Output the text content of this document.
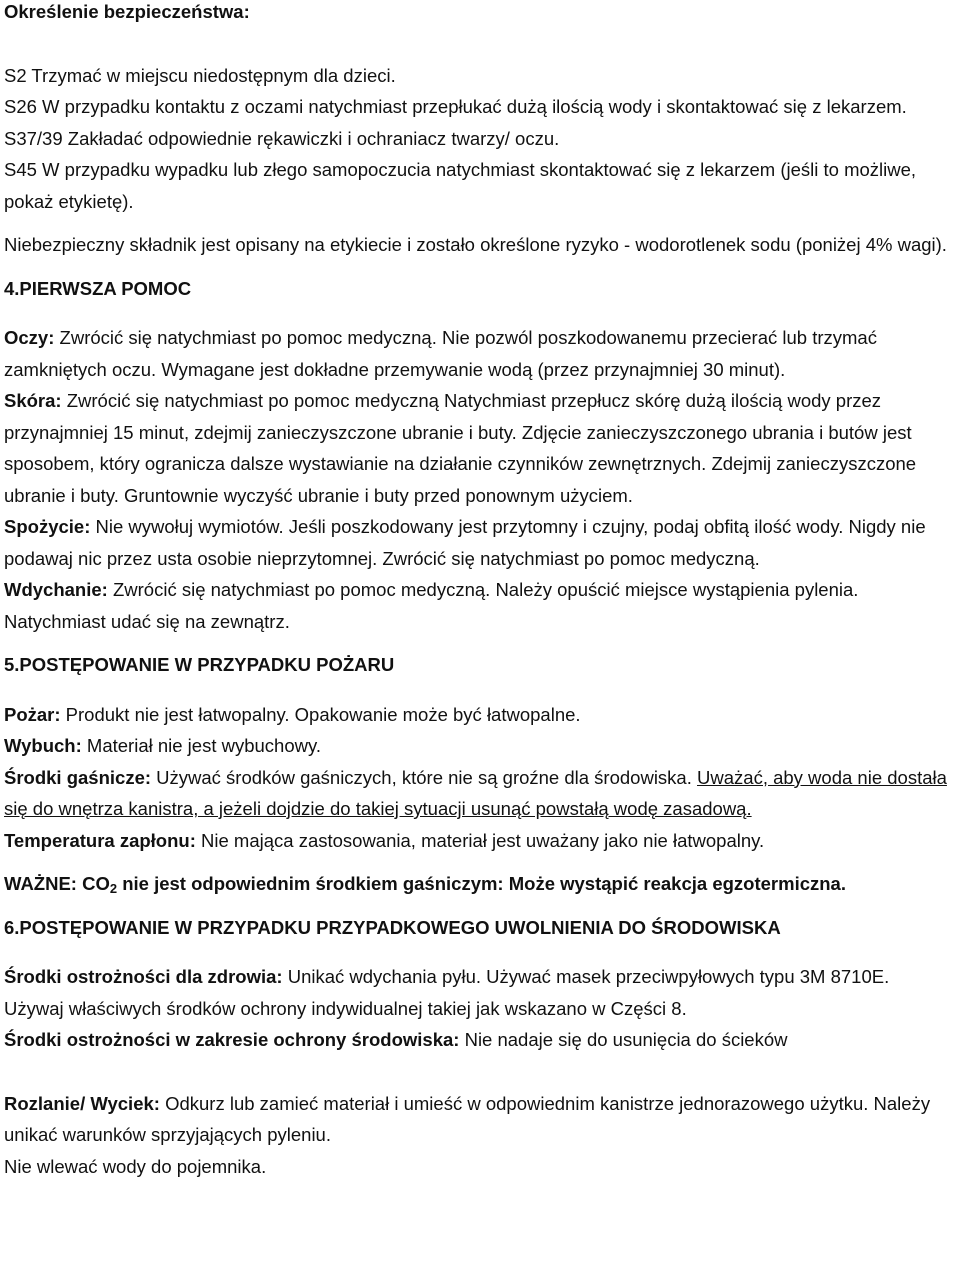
Określenie bezpieczeństwa:

S2 Trzymać w miejscu niedostępnym dla dzieci.

S26 W przypadku kontaktu z oczami natychmiast przepłukać dużą ilością wody i skontaktować się z lekarzem.

S37/39 Zakładać odpowiednie rękawiczki i ochraniacz twarzy/ oczu.

S45 W przypadku wypadku lub złego samopoczucia natychmiast skontaktować się z lekarzem (jeśli to możliwe, pokaż etykietę).

Niebezpieczny składnik jest opisany na etykiecie i zostało określone ryzyko - wodorotlenek sodu (poniżej 4% wagi).

4.PIERWSZA POMOC

Oczy: Zwrócić się natychmiast po pomoc medyczną. Nie pozwól poszkodowanemu przecierać lub trzymać zamkniętych oczu. Wymagane jest dokładne przemywanie wodą (przez przynajmniej 30 minut).

Skóra: Zwrócić się natychmiast po pomoc medyczną Natychmiast przepłucz skórę dużą ilością wody przez przynajmniej 15 minut, zdejmij zanieczyszczone ubranie i buty. Zdjęcie zanieczyszczonego ubrania i butów jest sposobem, który ogranicza dalsze wystawianie na działanie czynników zewnętrznych. Zdejmij zanieczyszczone ubranie i buty. Gruntownie wyczyść ubranie i buty przed ponownym użyciem.

Spożycie: Nie wywołuj wymiotów. Jeśli poszkodowany jest przytomny i czujny, podaj obfitą ilość wody. Nigdy nie podawaj nic przez usta osobie nieprzytomnej. Zwrócić się natychmiast po pomoc medyczną.

Wdychanie: Zwrócić się natychmiast po pomoc medyczną. Należy opuścić miejsce wystąpienia pylenia. Natychmiast udać się na zewnątrz.

5.POSTĘPOWANIE W PRZYPADKU POŻARU

Pożar: Produkt nie jest łatwopalny. Opakowanie może być łatwopalne.

Wybuch: Materiał nie jest wybuchowy.

Środki gaśnicze: Używać środków gaśniczych, które nie są groźne dla środowiska. Uważać, aby woda nie dostała się do wnętrza kanistra, a jeżeli dojdzie do takiej sytuacji usunąć powstałą wodę zasadową.

Temperatura zapłonu: Nie mająca zastosowania, materiał jest uważany jako nie łatwopalny.

WAŻNE: $CO_2$ nie jest odpowiednim środkiem gaśniczym: Może wystąpić reakcja egzotermiczna.

6.POSTĘPOWANIE W PRZYPADKU PRZYPADKOWEGO UWOLNIENIA DO ŚRODOWISKA

Środki ostrożności dla zdrowia: Unikać wdychania pyłu. Używać masek przeciwpyłowych typu 3M 8710E. Używaj właściwych środków ochrony indywidualnej takiej jak wskazano w Części 8.

Środki ostrożności w zakresie ochrony środowiska: Nie nadaje się do usunięcia do ścieków

Rozlanie/ Wyciek: Odkurz lub zamieć materiał i umieść w odpowiednim kanistrze jednorazowego użytku. Należy unikać warunków sprzyjających pyleniu.

Nie wlewać wody do pojemnika.
